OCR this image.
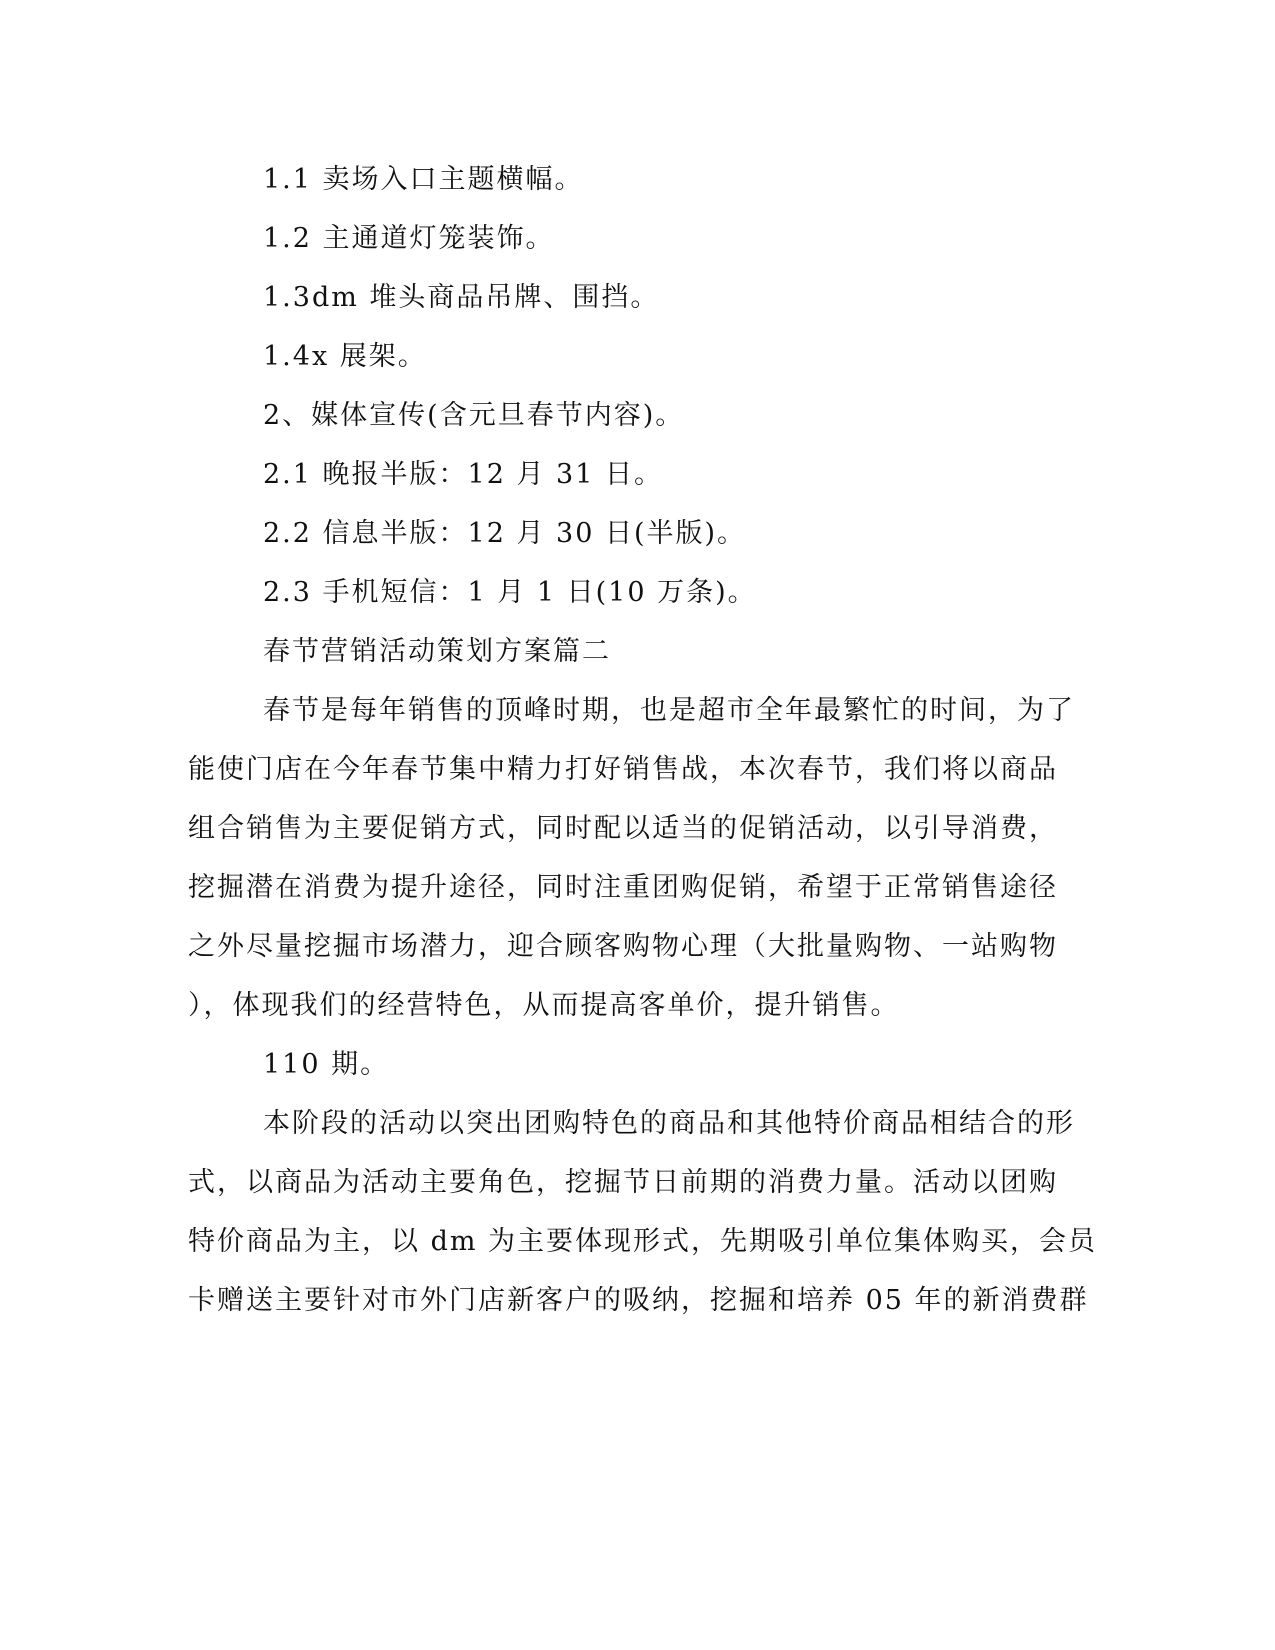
1.1 卖场入口主题横幅。
1.2 主通道灯笼装饰。
1.3dm 堆头商品吊牌、围挡。
1.4x 展架。
2、媒体宣传(含元旦春节内容)。
2.1 晚报半版：12 月 31 日。
2.2 信息半版：12 月 30 日(半版)。
2.3 手机短信：1 月 1 日(10 万条)。
春节营销活动策划方案篇二
春节是每年销售的顶峰时期，也是超市全年最繁忙的时间，为了
能使门店在今年春节集中精力打好销售战，本次春节，我们将以商品
组合销售为主要促销方式，同时配以适当的促销活动，以引导消费，
挖掘潜在消费为提升途径，同时注重团购促销，希望于正常销售途径
之外尽量挖掘市场潜力，迎合顾客购物心理（大批量购物、一站购物
），体现我们的经营特色，从而提高客单价，提升销售。
110 期。
本阶段的活动以突出团购特色的商品和其他特价商品相结合的形
式，以商品为活动主要角色，挖掘节日前期的消费力量。活动以团购
特价商品为主，以 dm 为主要体现形式，先期吸引单位集体购买，会员
卡赠送主要针对市外门店新客户的吸纳，挖掘和培养 05 年的新消费群
